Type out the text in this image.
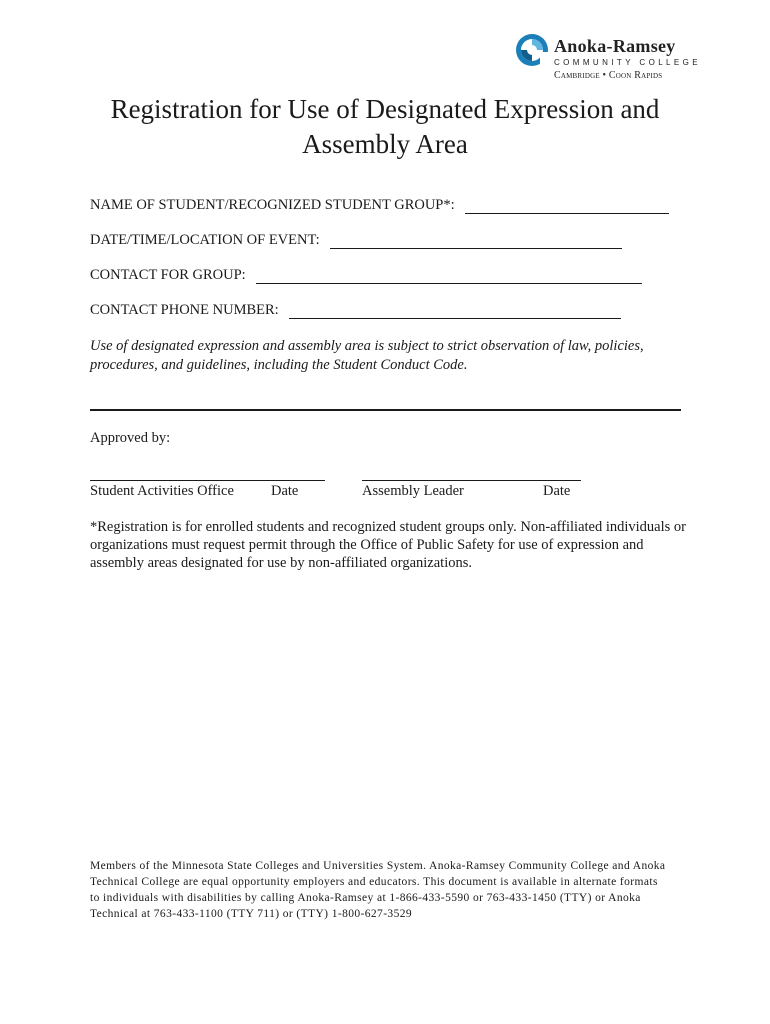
Anoka-Ramsey
COMMUNITY COLLEGE
Cambridge • Coon Rapids
Registration for Use of Designated Expression and
Assembly Area
NAME OF STUDENT/RECOGNIZED STUDENT GROUP*:
DATE/TIME/LOCATION OF EVENT:
CONTACT FOR GROUP:
CONTACT PHONE NUMBER:

Use of designated expression and assembly area is subject to strict observation of law, policies, procedures, and guidelines, including the Student Conduct Code.

Approved by:
Student Activities Office	Date	Assembly Leader	Date

*Registration is for enrolled students and recognized student groups only. Non-affiliated individuals or organizations must request permit through the Office of Public Safety for use of expression and assembly areas designated for use by non-affiliated organizations.

Members of the Minnesota State Colleges and Universities System. Anoka-Ramsey Community College and Anoka Technical College are equal opportunity employers and educators. This document is available in alternate formats to individuals with disabilities by calling Anoka-Ramsey at 1-866-433-5590 or 763-433-1450 (TTY) or Anoka Technical at 763-433-1100 (TTY 711) or (TTY) 1-800-627-3529
